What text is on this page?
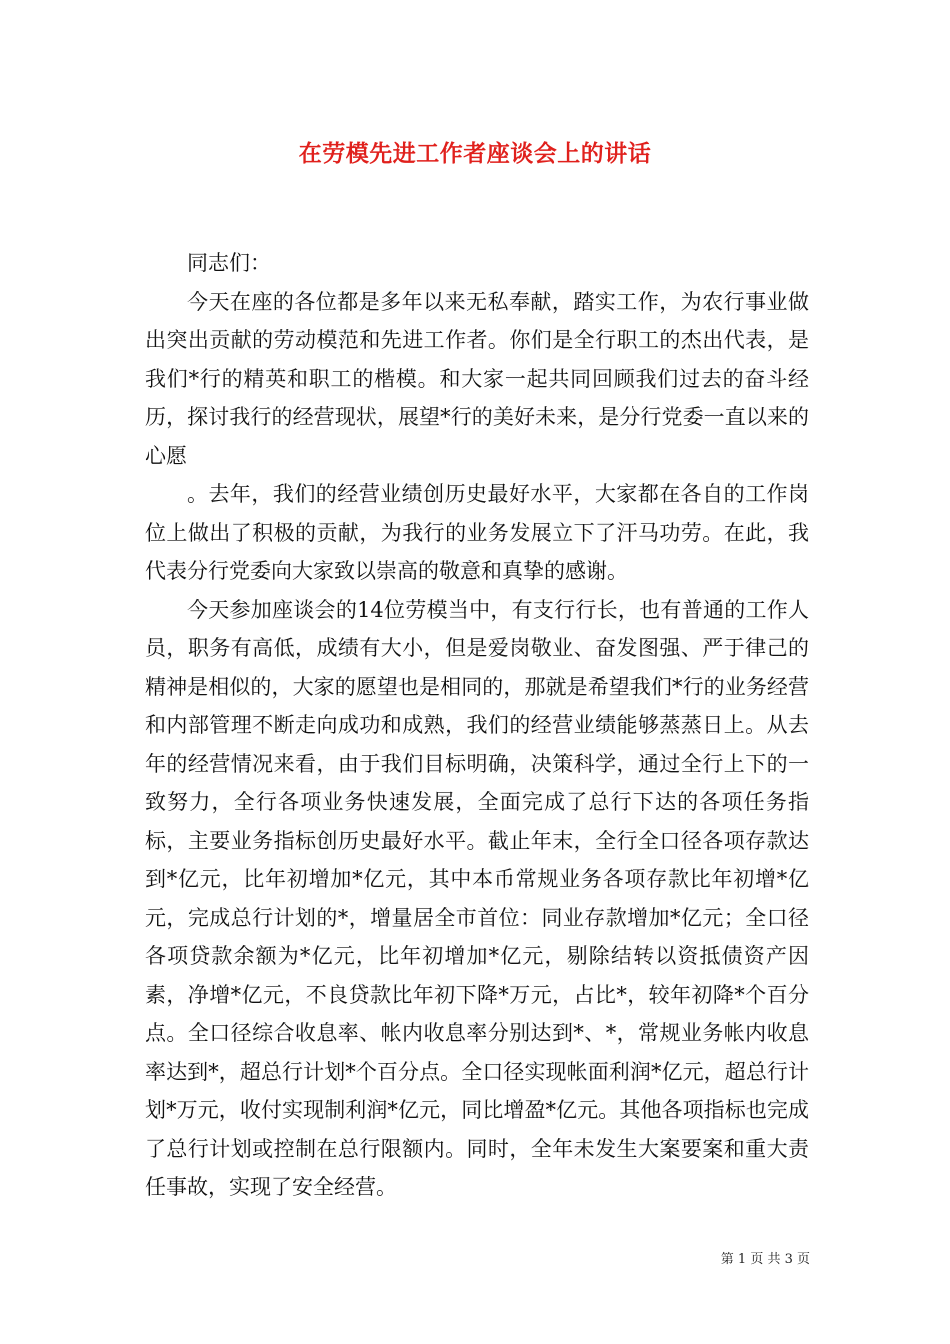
在劳模先进工作者座谈会上的讲话

同志们：

今天在座的各位都是多年以来无私奉献，踏实工作，为农行事业做出突出贡献的劳动模范和先进工作者。你们是全行职工的杰出代表，是我们*行的精英和职工的楷模。和大家一起共同回顾我们过去的奋斗经历，探讨我行的经营现状，展望*行的美好未来，是分行党委一直以来的心愿

。去年，我们的经营业绩创历史最好水平，大家都在各自的工作岗位上做出了积极的贡献，为我行的业务发展立下了汗马功劳。在此，我代表分行党委向大家致以崇高的敬意和真挚的感谢。

今天参加座谈会的14位劳模当中，有支行行长，也有普通的工作人员，职务有高低，成绩有大小，但是爱岗敬业、奋发图强、严于律己的精神是相似的，大家的愿望也是相同的，那就是希望我们*行的业务经营和内部管理不断走向成功和成熟，我们的经营业绩能够蒸蒸日上。从去年的经营情况来看，由于我们目标明确，决策科学，通过全行上下的一致努力，全行各项业务快速发展，全面完成了总行下达的各项任务指标，主要业务指标创历史最好水平。截止年末，全行全口径各项存款达到*亿元，比年初增加*亿元，其中本币常规业务各项存款比年初增*亿元，完成总行计划的*，增量居全市首位：同业存款增加*亿元；全口径各项贷款余额为*亿元，比年初增加*亿元，剔除结转以资抵债资产因素，净增*亿元，不良贷款比年初下降*万元，占比*，较年初降*个百分点。全口径综合收息率、帐内收息率分别达到*、*，常规业务帐内收息率达到*，超总行计划*个百分点。全口径实现帐面利润*亿元，超总行计划*万元，收付实现制利润*亿元，同比增盈*亿元。其他各项指标也完成了总行计划或控制在总行限额内。同时，全年未发生大案要案和重大责任事故，实现了安全经营。

第 1 页 共 3 页
